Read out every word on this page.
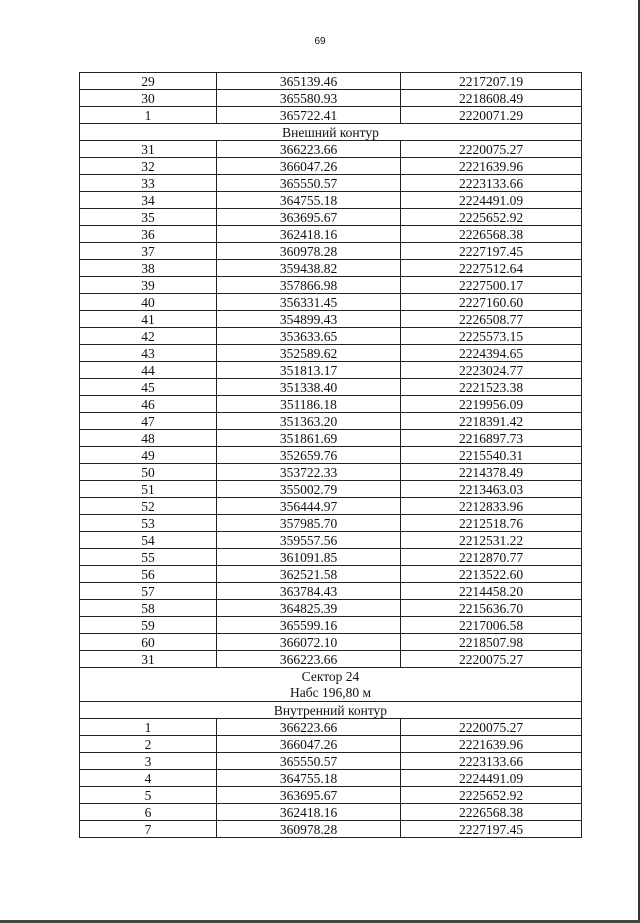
69
29	365139.46	2217207.19
30	365580.93	2218608.49
1	365722.41	2220071.29
Внешний контур		
31	366223.66	2220075.27
32	366047.26	2221639.96
33	365550.57	2223133.66
34	364755.18	2224491.09
35	363695.67	2225652.92
36	362418.16	2226568.38
37	360978.28	2227197.45
38	359438.82	2227512.64
39	357866.98	2227500.17
40	356331.45	2227160.60
41	354899.43	2226508.77
42	353633.65	2225573.15
43	352589.62	2224394.65
44	351813.17	2223024.77
45	351338.40	2221523.38
46	351186.18	2219956.09
47	351363.20	2218391.42
48	351861.69	2216897.73
49	352659.76	2215540.31
50	353722.33	2214378.49
51	355002.79	2213463.03
52	356444.97	2212833.96
53	357985.70	2212518.76
54	359557.56	2212531.22
55	361091.85	2212870.77
56	362521.58	2213522.60
57	363784.43	2214458.20
58	364825.39	2215636.70
59	365599.16	2217006.58
60	366072.10	2218507.98
31	366223.66	2220075.27

Сектор 24
Набс 196,80 м		

Внутренний контур		
1	366223.66	2220075.27
2	366047.26	2221639.96
3	365550.57	2223133.66
4	364755.18	2224491.09
5	363695.67	2225652.92
6	362418.16	2226568.38
7	360978.28	2227197.45
